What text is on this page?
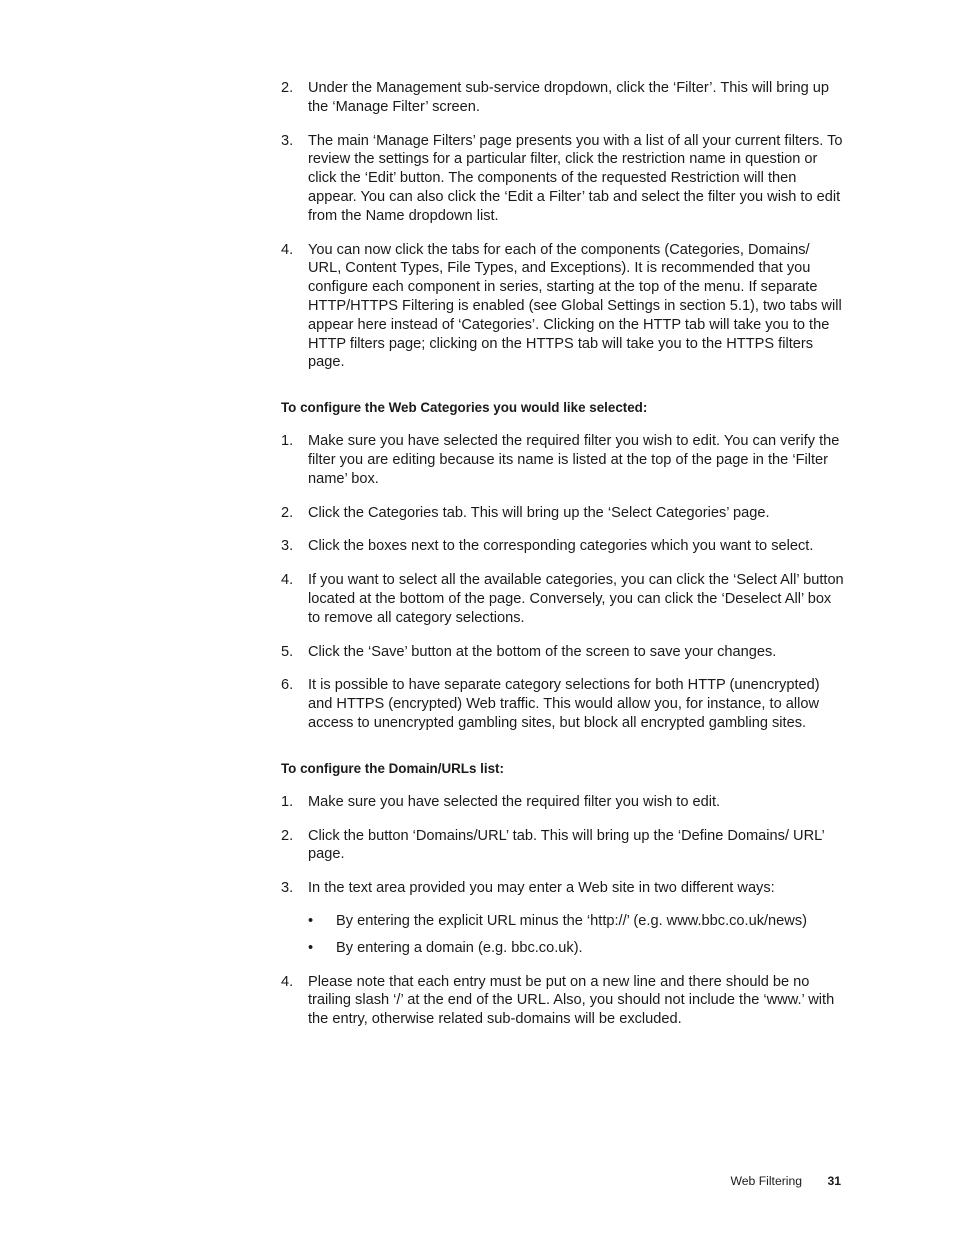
2. Under the Management sub-service dropdown, click the ‘Filter’. This will bring up the ‘Manage Filter’ screen.
3. The main ‘Manage Filters’ page presents you with a list of all your current filters. To review the settings for a particular filter, click the restriction name in question or click the ‘Edit’ button. The components of the requested Restriction will then appear. You can also click the ‘Edit a Filter’ tab and select the filter you wish to edit from the Name dropdown list.
4. You can now click the tabs for each of the components (Categories, Domains/ URL, Content Types, File Types, and Exceptions). It is recommended that you configure each component in series, starting at the top of the menu. If separate HTTP/HTTPS Filtering is enabled (see Global Settings in section 5.1), two tabs will appear here instead of ‘Categories’. Clicking on the HTTP tab will take you to the HTTP filters page; clicking on the HTTPS tab will take you to the HTTPS filters page.
To configure the Web Categories you would like selected:
1. Make sure you have selected the required filter you wish to edit. You can verify the filter you are editing because its name is listed at the top of the page in the ‘Filter name’ box.
2. Click the Categories tab. This will bring up the ‘Select Categories’ page.
3. Click the boxes next to the corresponding categories which you want to select.
4. If you want to select all the available categories, you can click the ‘Select All’ button located at the bottom of the page. Conversely, you can click the ‘Deselect All’ box to remove all category selections.
5. Click the ‘Save’ button at the bottom of the screen to save your changes.
6. It is possible to have separate category selections for both HTTP (unencrypted) and HTTPS (encrypted) Web traffic. This would allow you, for instance, to allow access to unencrypted gambling sites, but block all encrypted gambling sites.
To configure the Domain/URLs list:
1. Make sure you have selected the required filter you wish to edit.
2. Click the button ‘Domains/URL’ tab. This will bring up the ‘Define Domains/ URL’ page.
3. In the text area provided you may enter a Web site in two different ways:
• By entering the explicit URL minus the ‘http://’ (e.g. www.bbc.co.uk/news)
• By entering a domain (e.g. bbc.co.uk).
4. Please note that each entry must be put on a new line and there should be no trailing slash ‘/’ at the end of the URL. Also, you should not include the ‘www.’ with the entry, otherwise related sub-domains will be excluded.
Web Filtering 31
